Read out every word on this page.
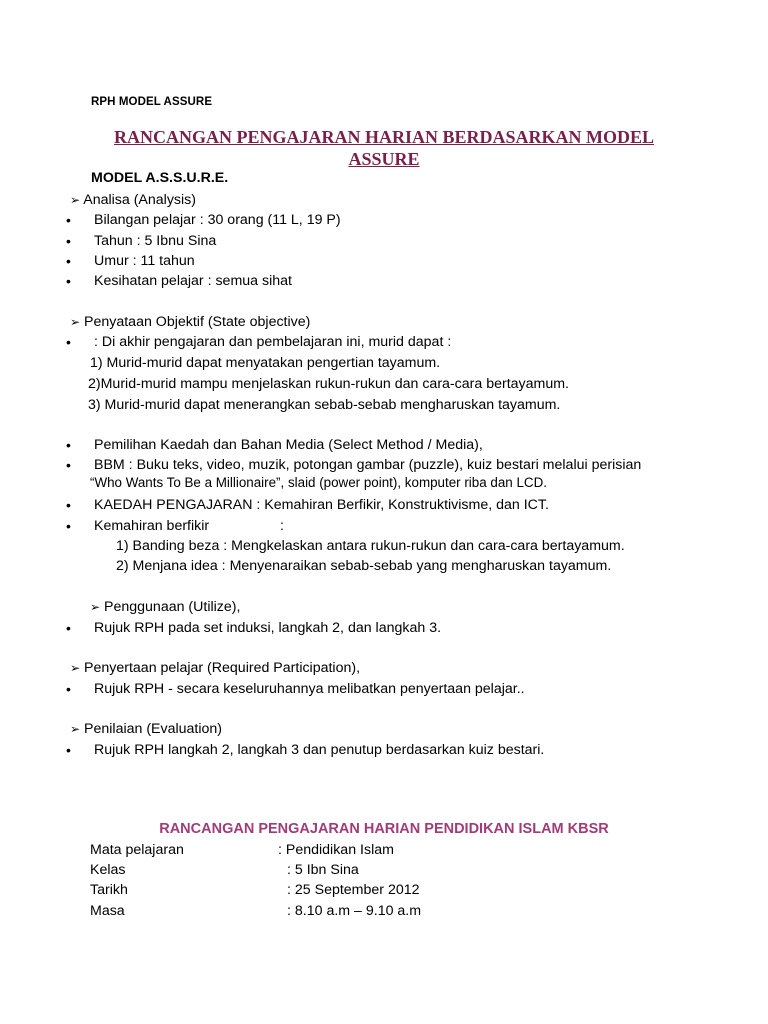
RPH MODEL ASSURE
RANCANGAN PENGAJARAN HARIAN BERDASARKAN MODEL
ASSURE
MODEL A.S.S.U.R.E.
➢ Analisa (Analysis)
• Bilangan pelajar : 30 orang (11 L, 19 P)
• Tahun : 5 Ibnu Sina
• Umur : 11 tahun
• Kesihatan pelajar : semua sihat
➢ Penyataan Objektif (State objective)
• : Di akhir pengajaran dan pembelajaran ini, murid dapat :
1) Murid-murid dapat menyatakan pengertian tayamum.
2)Murid-murid mampu menjelaskan rukun-rukun dan cara-cara bertayamum.
3) Murid-murid dapat menerangkan sebab-sebab mengharuskan tayamum.
• Pemilihan Kaedah dan Bahan Media (Select Method / Media),
• BBM : Buku teks, video, muzik, potongan gambar (puzzle), kuiz bestari melalui perisian
“Who Wants To Be a Millionaire”, slaid (power point), komputer riba dan LCD.
• KAEDAH PENGAJARAN : Kemahiran Berfikir, Konstruktivisme, dan ICT.
• Kemahiran berfikir	:
1) Banding beza : Mengkelaskan antara rukun-rukun dan cara-cara bertayamum.
2) Menjana idea : Menyenaraikan sebab-sebab yang mengharuskan tayamum.
➢ Penggunaan (Utilize),
• Rujuk RPH pada set induksi, langkah 2, dan langkah 3.
➢ Penyertaan pelajar (Required Participation),
• Rujuk RPH - secara keseluruhannya melibatkan penyertaan pelajar..
➢ Penilaian (Evaluation)
• Rujuk RPH langkah 2, langkah 3 dan penutup berdasarkan kuiz bestari.
RANCANGAN PENGAJARAN HARIAN PENDIDIKAN ISLAM KBSR
Mata pelajaran	: Pendidikan Islam
Kelas	: 5 Ibn Sina
Tarikh	: 25 September 2012
Masa	: 8.10 a.m – 9.10 a.m
